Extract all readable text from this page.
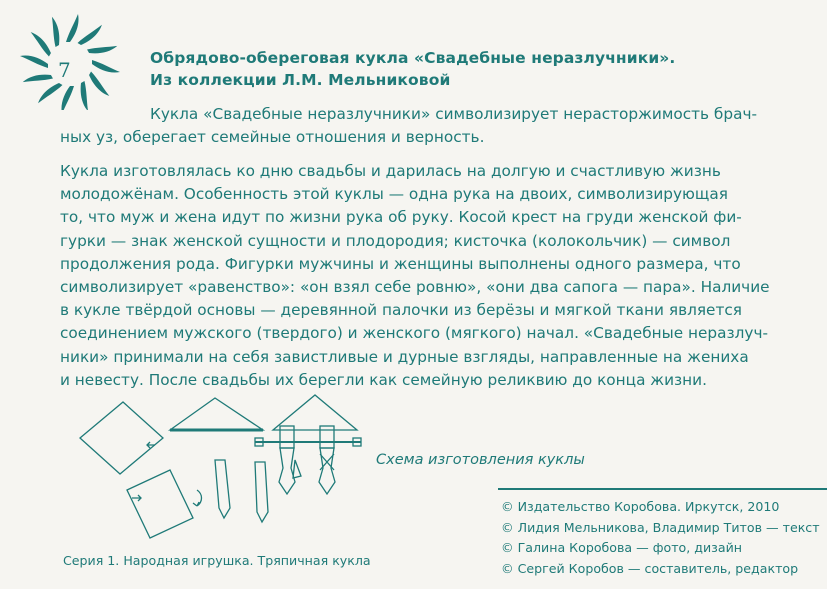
7	Обрядово-обереговая кукла «Свадебные неразлучники».
Из коллекции Л.М. Мельниковой
Кукла «Свадебные неразлучники» символизирует нерасторжимость брач-
ных уз, оберегает семейные отношения и верность.
Кукла изготовлялась ко дню свадьбы и дарилась на долгую и счастливую жизнь
молодожёнам. Особенность этой куклы — одна рука на двоих, символизирующая
то, что муж и жена идут по жизни рука об руку. Косой крест на груди женской фи-
гурки — знак женской сущности и плодородия; кисточка (колокольчик) — символ
продолжения рода. Фигурки мужчины и женщины выполнены одного размера, что
символизирует «равенство»: «он взял себе ровню», «они два сапога — пара». Наличие
в кукле твёрдой основы — деревянной палочки из берёзы и мягкой ткани является
соединением мужского (твердого) и женского (мягкого) начал. «Свадебные неразлуч-
ники» принимали на себя завистливые и дурные взгляды, направленные на жениха
и невесту. После свадьбы их берегли как семейную реликвию до конца жизни.
Схема изготовления куклы
© Издательство Коробова. Иркутск, 2010
© Лидия Мельникова, Владимир Титов — текст
© Галина Коробова — фото, дизайн
© Сергей Коробов — составитель, редактор
Серия 1. Народная игрушка. Тряпичная кукла
